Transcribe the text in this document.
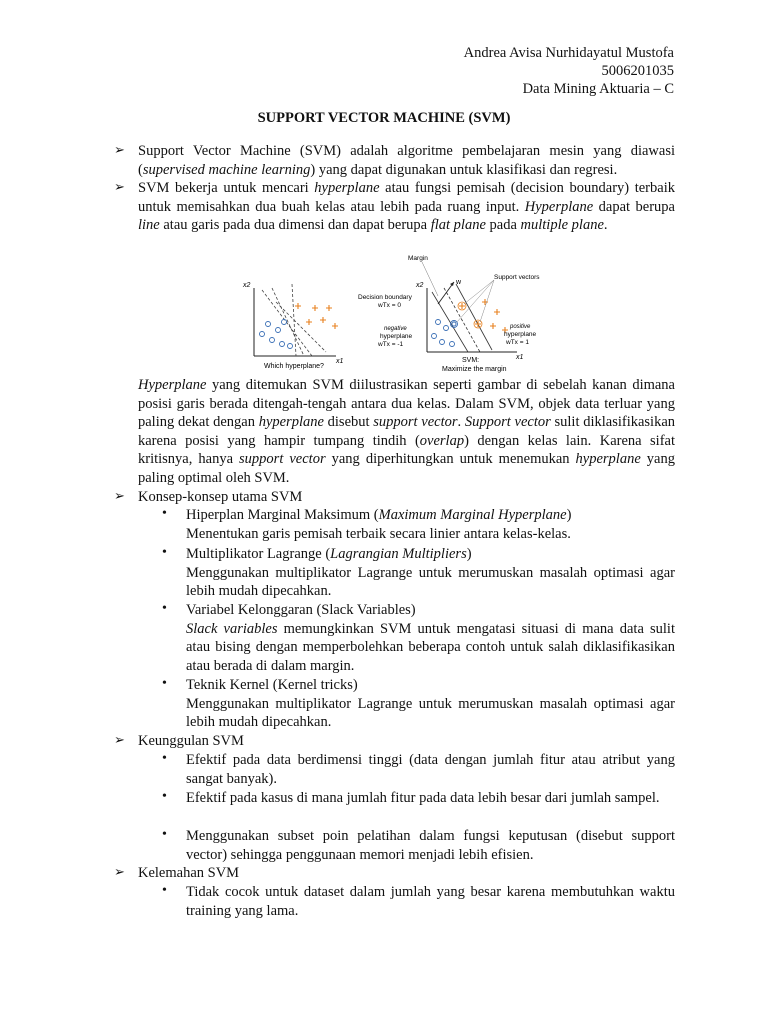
Andrea Avisa Nurhidayatul Mustofa
5006201035
Data Mining Aktuaria – C
SUPPORT VECTOR MACHINE (SVM)
➢ Support Vector Machine (SVM) adalah algoritme pembelajaran mesin yang diawasi (supervised machine learning) yang dapat digunakan untuk klasifikasi dan regresi.
➢ SVM bekerja untuk mencari hyperplane atau fungsi pemisah (decision boundary) terbaik untuk memisahkan dua buah kelas atau lebih pada ruang input. Hyperplane dapat berupa line atau garis pada dua dimensi dan dapat berupa flat plane pada multiple plane.
x2
x1
Which hyperplane?
x2
x1
w
Margin
Support vectors
Decision boundary
wTx = 0
negative
hyperplane
wTx = -1
positive
hyperplane
wTx = 1
SVM:
Maximize the margin
Hyperplane yang ditemukan SVM diilustrasikan seperti gambar di sebelah kanan dimana posisi garis berada ditengah-tengah antara dua kelas. Dalam SVM, objek data terluar yang paling dekat dengan hyperplane disebut support vector. Support vector sulit diklasifikasikan karena posisi yang hampir tumpang tindih (overlap) dengan kelas lain. Karena sifat kritisnya, hanya support vector yang diperhitungkan untuk menemukan hyperplane yang paling optimal oleh SVM.
➢ Konsep-konsep utama SVM
• Hiperplan Marginal Maksimum (Maximum Marginal Hyperplane)
Menentukan garis pemisah terbaik secara linier antara kelas-kelas.
• Multiplikator Lagrange (Lagrangian Multipliers)
Menggunakan multiplikator Lagrange untuk merumuskan masalah optimasi agar lebih mudah dipecahkan.
• Variabel Kelonggaran (Slack Variables)
Slack variables memungkinkan SVM untuk mengatasi situasi di mana data sulit atau bising dengan memperbolehkan beberapa contoh untuk salah diklasifikasikan atau berada di dalam margin.
• Teknik Kernel (Kernel tricks)
Menggunakan multiplikator Lagrange untuk merumuskan masalah optimasi agar lebih mudah dipecahkan.
➢ Keunggulan SVM
• Efektif pada data berdimensi tinggi (data dengan jumlah fitur atau atribut yang sangat banyak).
• Efektif pada kasus di mana jumlah fitur pada data lebih besar dari jumlah sampel.
• Menggunakan subset poin pelatihan dalam fungsi keputusan (disebut support vector) sehingga penggunaan memori menjadi lebih efisien.
➢ Kelemahan SVM
• Tidak cocok untuk dataset dalam jumlah yang besar karena membutuhkan waktu training yang lama.
